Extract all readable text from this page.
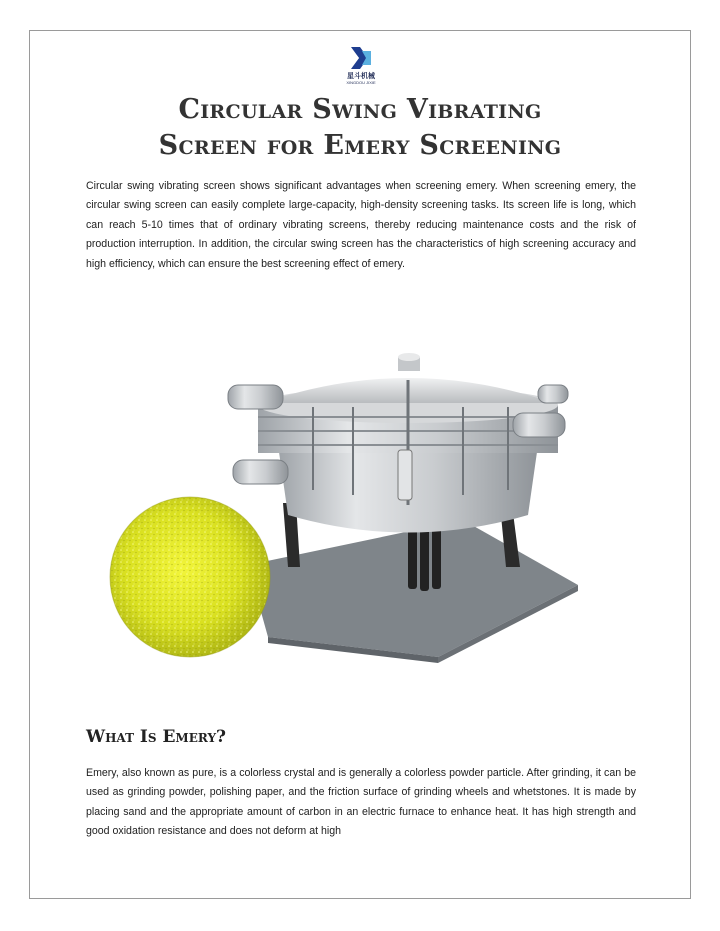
星斗机械
XINGDOU JIXIE
Circular Swing Vibrating
Screen for Emery Screening

Circular swing vibrating screen shows significant advantages when screening emery. When screening emery, the circular swing screen can easily complete large-capacity, high-density screening tasks. Its screen life is long, which can reach 5-10 times that of ordinary vibrating screens, thereby reducing maintenance costs and the risk of production interruption. In addition, the circular swing screen has the characteristics of high screening accuracy and high efficiency, which can ensure the best screening effect of emery.

What Is Emery?

Emery, also known as pure, is a colorless crystal and is generally a colorless powder particle. After grinding, it can be used as grinding powder, polishing paper, and the friction surface of grinding wheels and whetstones. It is made by placing sand and the appropriate amount of carbon in an electric furnace to enhance heat. It has high strength and good oxidation resistance and does not deform at high
